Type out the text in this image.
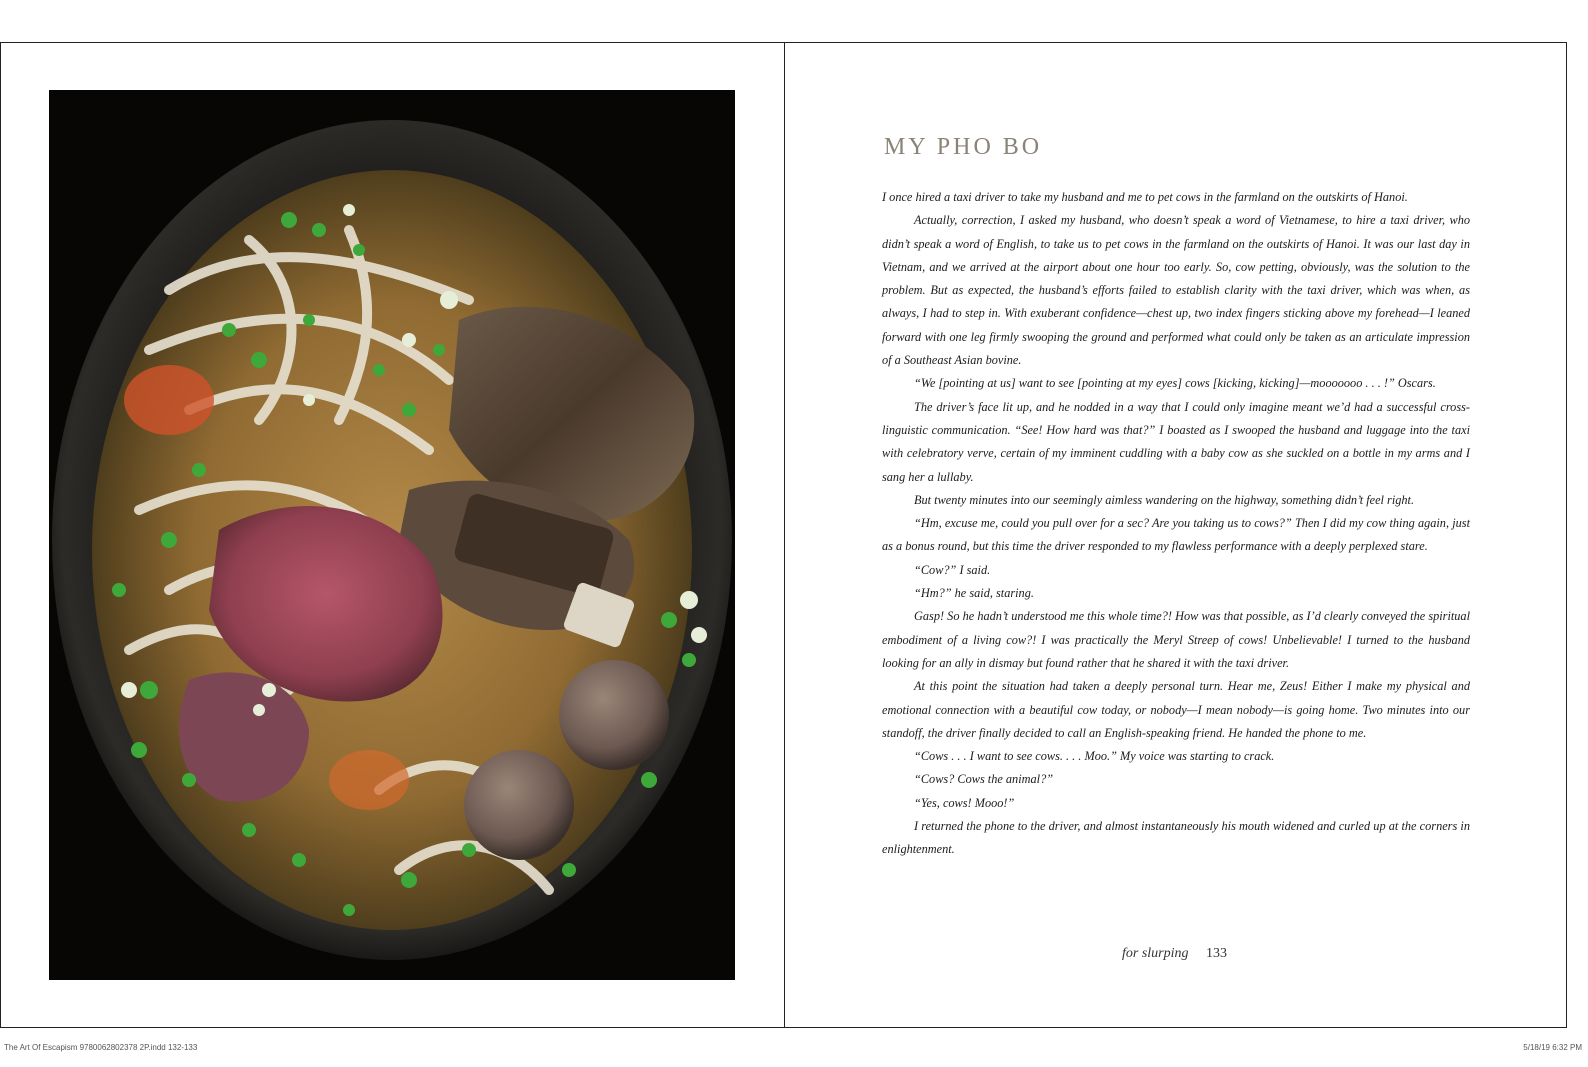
MY PHO BO

I once hired a taxi driver to take my husband and me to pet cows in the farmland on the outskirts of Hanoi.

Actually, correction, I asked my husband, who doesn’t speak a word of Vietnamese, to hire a taxi driver, who didn’t speak a word of English, to take us to pet cows in the farmland on the outskirts of Hanoi. It was our last day in Vietnam, and we arrived at the airport about one hour too early. So, cow petting, obviously, was the solution to the problem. But as expected, the husband’s efforts failed to establish clarity with the taxi driver, which was when, as always, I had to step in. With exuberant confidence—chest up, two index fingers sticking above my forehead—I leaned forward with one leg firmly swooping the ground and performed what could only be taken as an articulate impression of a Southeast Asian bovine.

“We [pointing at us] want to see [pointing at my eyes] cows [kicking, kicking]—mooooooo . . . !” Oscars.

The driver’s face lit up, and he nodded in a way that I could only imagine meant we’d had a successful cross-linguistic communication. “See! How hard was that?” I boasted as I swooped the husband and luggage into the taxi with celebratory verve, certain of my imminent cuddling with a baby cow as she suckled on a bottle in my arms and I sang her a lullaby.

But twenty minutes into our seemingly aimless wandering on the highway, something didn’t feel right.

“Hm, excuse me, could you pull over for a sec? Are you taking us to cows?” Then I did my cow thing again, just as a bonus round, but this time the driver responded to my flawless performance with a deeply perplexed stare.

“Cow?” I said.

“Hm?” he said, staring.

Gasp! So he hadn’t understood me this whole time?! How was that possible, as I’d clearly conveyed the spiritual embodiment of a living cow?! I was practically the Meryl Streep of cows! Unbelievable! I turned to the husband looking for an ally in dismay but found rather that he shared it with the taxi driver.

At this point the situation had taken a deeply personal turn. Hear me, Zeus! Either I make my physical and emotional connection with a beautiful cow today, or nobody—I mean nobody—is going home. Two minutes into our standoff, the driver finally decided to call an English-speaking friend. He handed the phone to me.

“Cows . . . I want to see cows. . . . Moo.” My voice was starting to crack.

“Cows? Cows the animal?”

“Yes, cows! Mooo!”

I returned the phone to the driver, and almost instantaneously his mouth widened and curled up at the corners in enlightenment.

for slurping 133
The Art Of Escapism 9780062802378 2P.indd 132-133	5/18/19 6:32 PM
